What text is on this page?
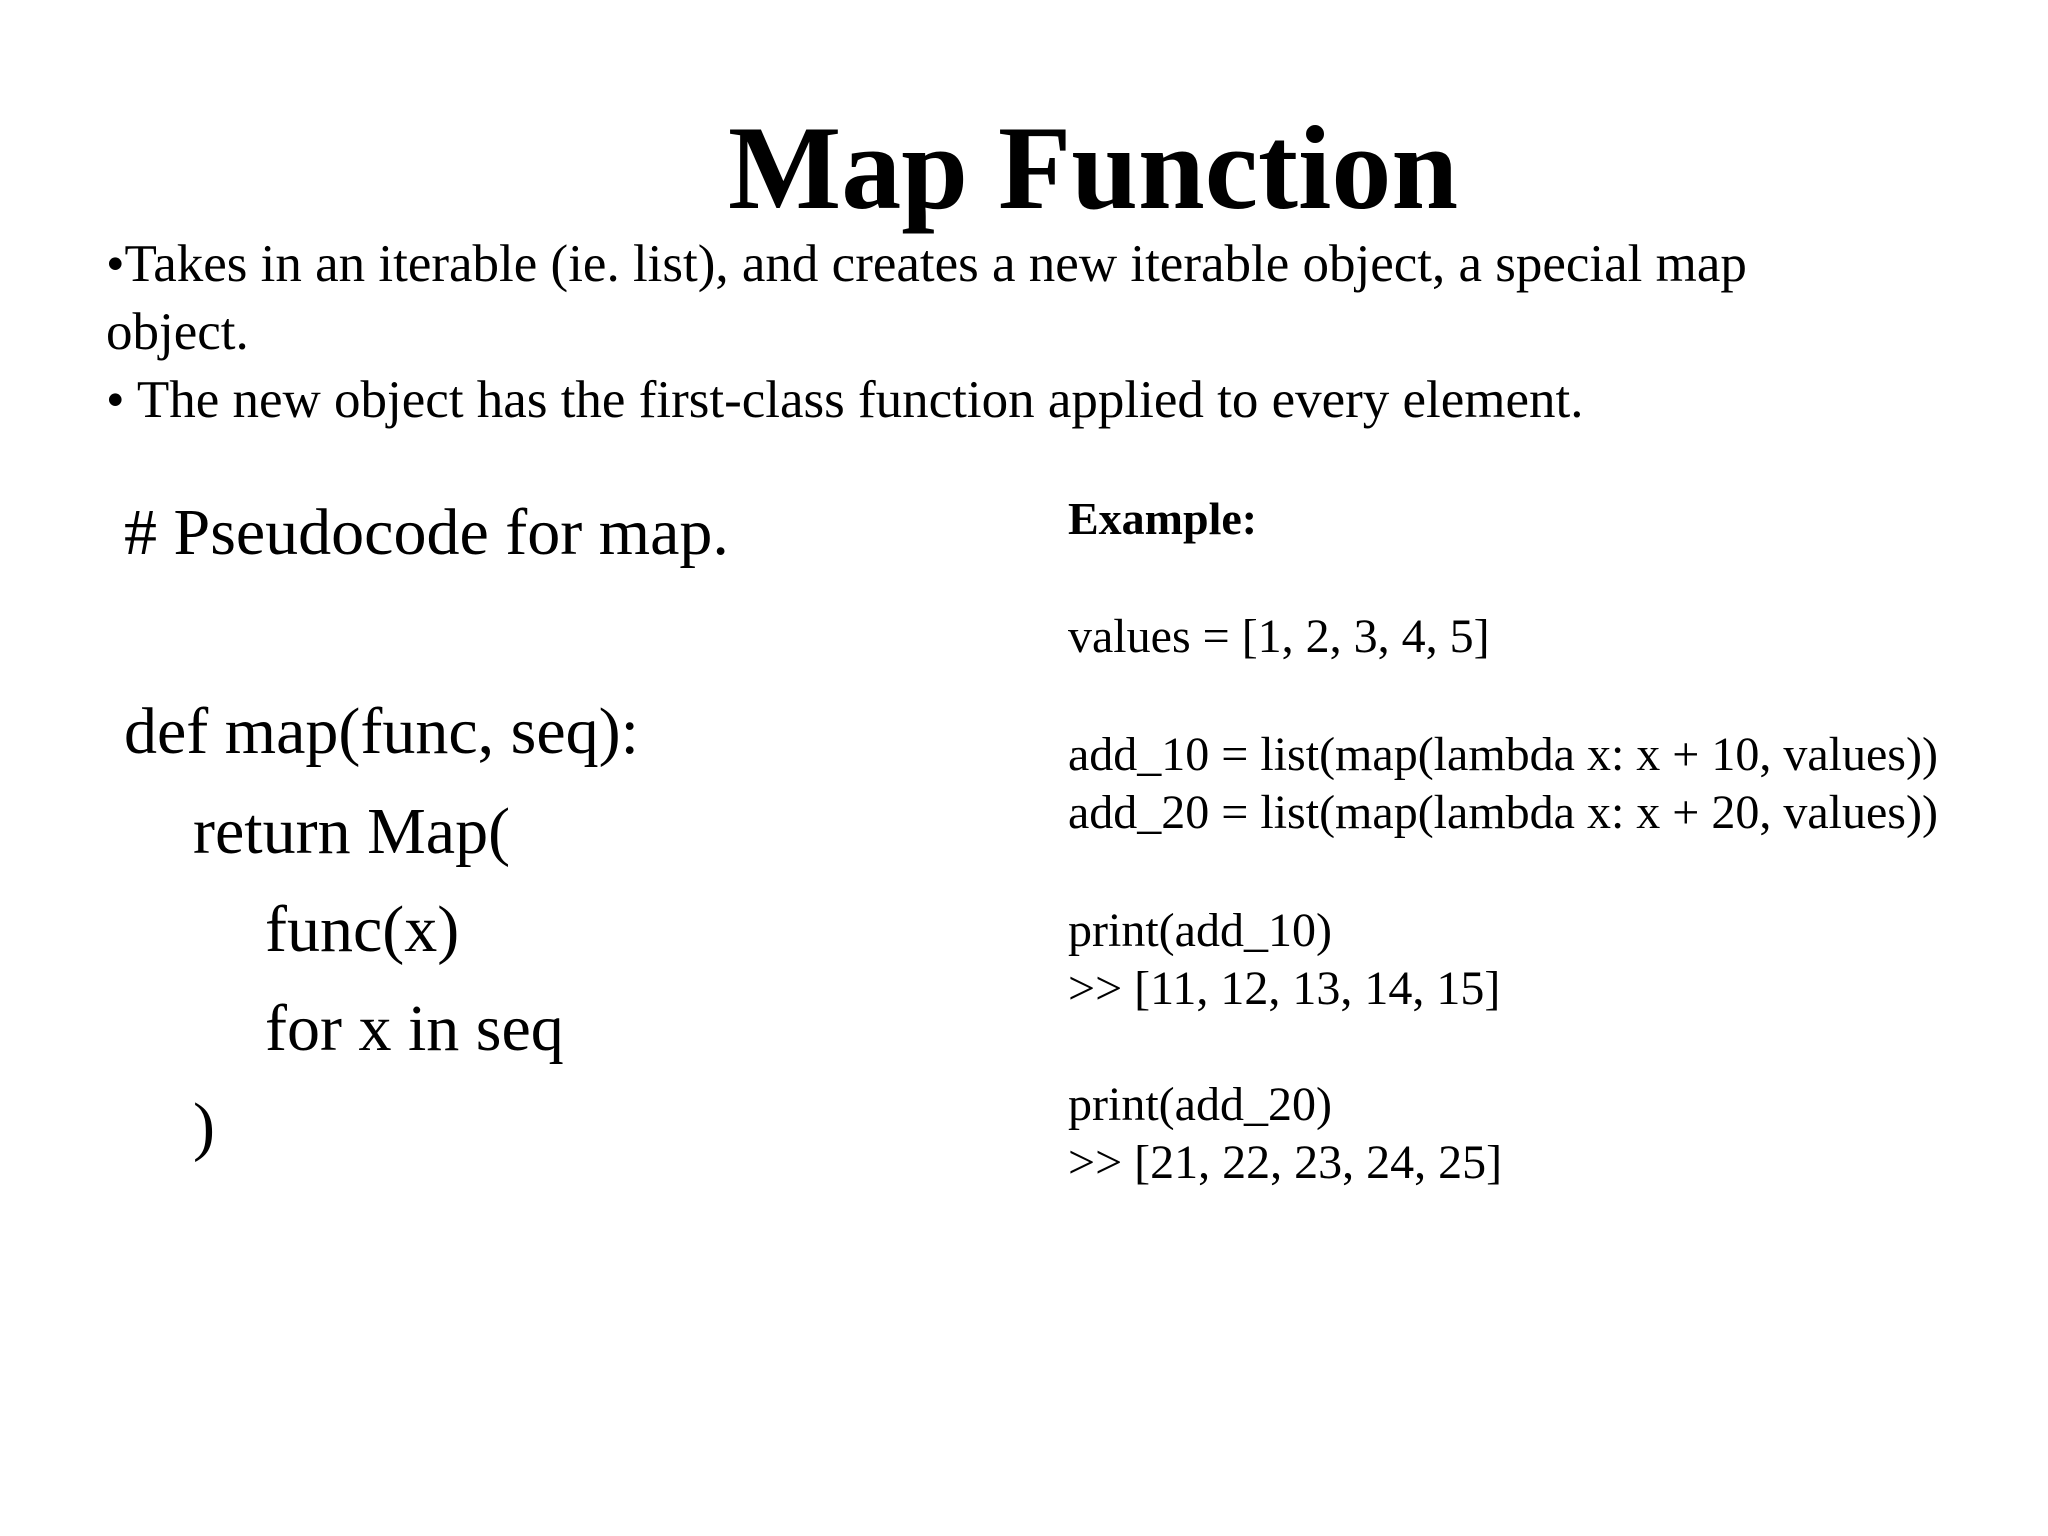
Map Function
•Takes in an iterable (ie. list), and creates a new iterable object, a special map object.
• The new object has the first-class function applied to every element.
# Pseudocode for map.
def map(func, seq):
return Map(
func(x)
for x in seq
)
Example:
values = [1, 2, 3, 4, 5]
add_10 = list(map(lambda x: x + 10, values))
add_20 = list(map(lambda x: x + 20, values))
print(add_10)
>> [11, 12, 13, 14, 15]
print(add_20)
>> [21, 22, 23, 24, 25]
